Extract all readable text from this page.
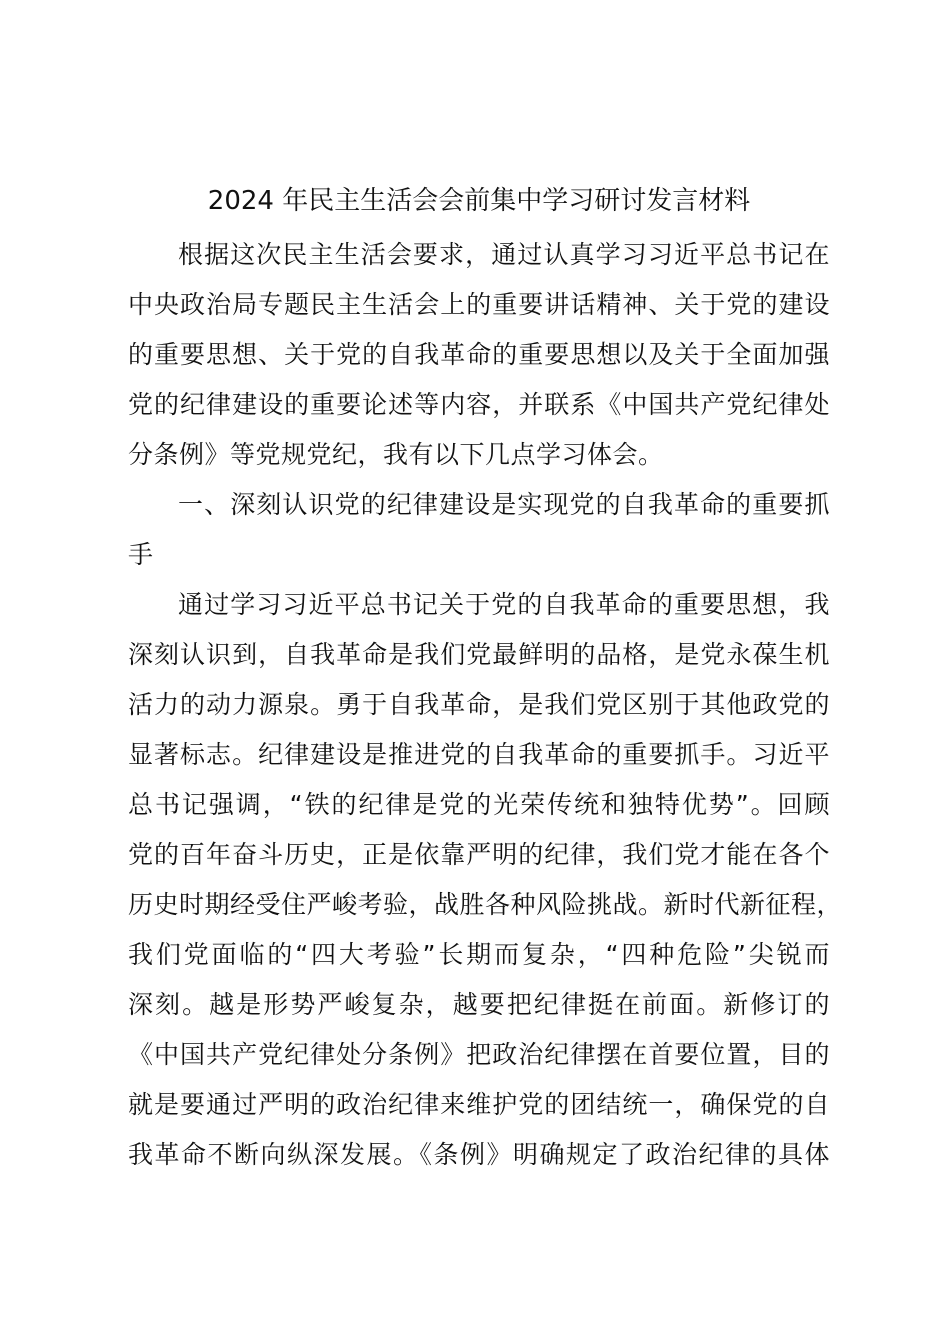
2024 年民主生活会会前集中学习研讨发言材料
根据这次民主生活会要求，通过认真学习习近平总书记在
中央政治局专题民主生活会上的重要讲话精神、关于党的建设
的重要思想、关于党的自我革命的重要思想以及关于全面加强
党的纪律建设的重要论述等内容，并联系《中国共产党纪律处
分条例》等党规党纪，我有以下几点学习体会。
一、深刻认识党的纪律建设是实现党的自我革命的重要抓
手
通过学习习近平总书记关于党的自我革命的重要思想，我
深刻认识到，自我革命是我们党最鲜明的品格，是党永葆生机
活力的动力源泉。勇于自我革命，是我们党区别于其他政党的
显著标志。纪律建设是推进党的自我革命的重要抓手。习近平
总书记强调，“铁的纪律是党的光荣传统和独特优势”。回顾
党的百年奋斗历史，正是依靠严明的纪律，我们党才能在各个
历史时期经受住严峻考验，战胜各种风险挑战。新时代新征程，
我们党面临的“四大考验”长期而复杂，“四种危险”尖锐而
深刻。越是形势严峻复杂，越要把纪律挺在前面。新修订的
《中国共产党纪律处分条例》把政治纪律摆在首要位置，目的
就是要通过严明的政治纪律来维护党的团结统一，确保党的自
我革命不断向纵深发展。《条例》明确规定了政治纪律的具体
